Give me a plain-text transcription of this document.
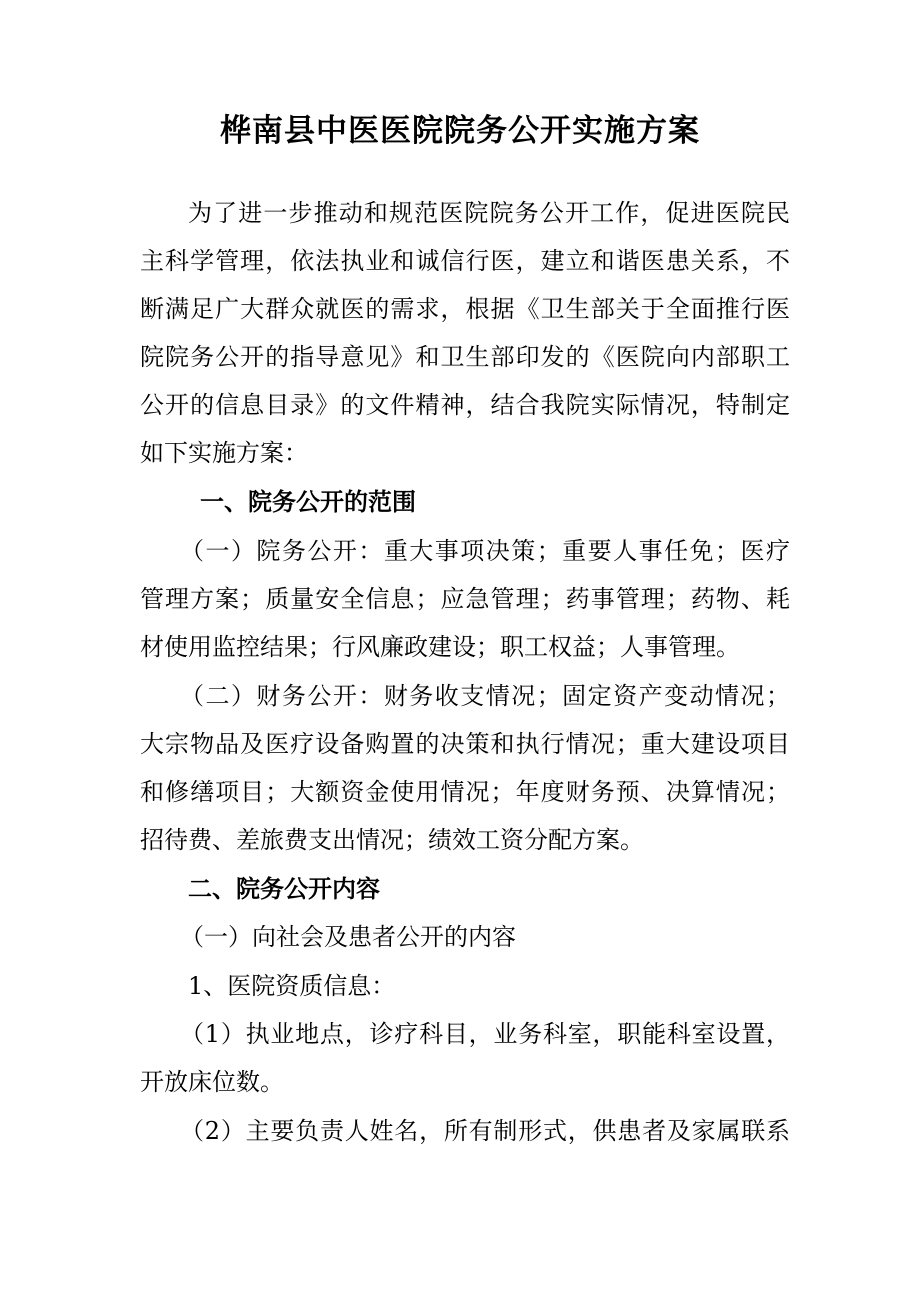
桦南县中医医院院务公开实施方案
为了进一步推动和规范医院院务公开工作，促进医院民
主科学管理，依法执业和诚信行医，建立和谐医患关系，不
断满足广大群众就医的需求，根据《卫生部关于全面推行医
院院务公开的指导意见》和卫生部印发的《医院向内部职工
公开的信息目录》的文件精神，结合我院实际情况，特制定
如下实施方案：
一、院务公开的范围
（一）院务公开：重大事项决策；重要人事任免；医疗
管理方案；质量安全信息；应急管理；药事管理；药物、耗
材使用监控结果；行风廉政建设；职工权益；人事管理。
（二）财务公开：财务收支情况；固定资产变动情况；
大宗物品及医疗设备购置的决策和执行情况；重大建设项目
和修缮项目；大额资金使用情况；年度财务预、决算情况；
招待费、差旅费支出情况；绩效工资分配方案。
二、院务公开内容
（一）向社会及患者公开的内容
1、医院资质信息：
（1）执业地点，诊疗科目，业务科室，职能科室设置，
开放床位数。
（2）主要负责人姓名，所有制形式，供患者及家属联系
